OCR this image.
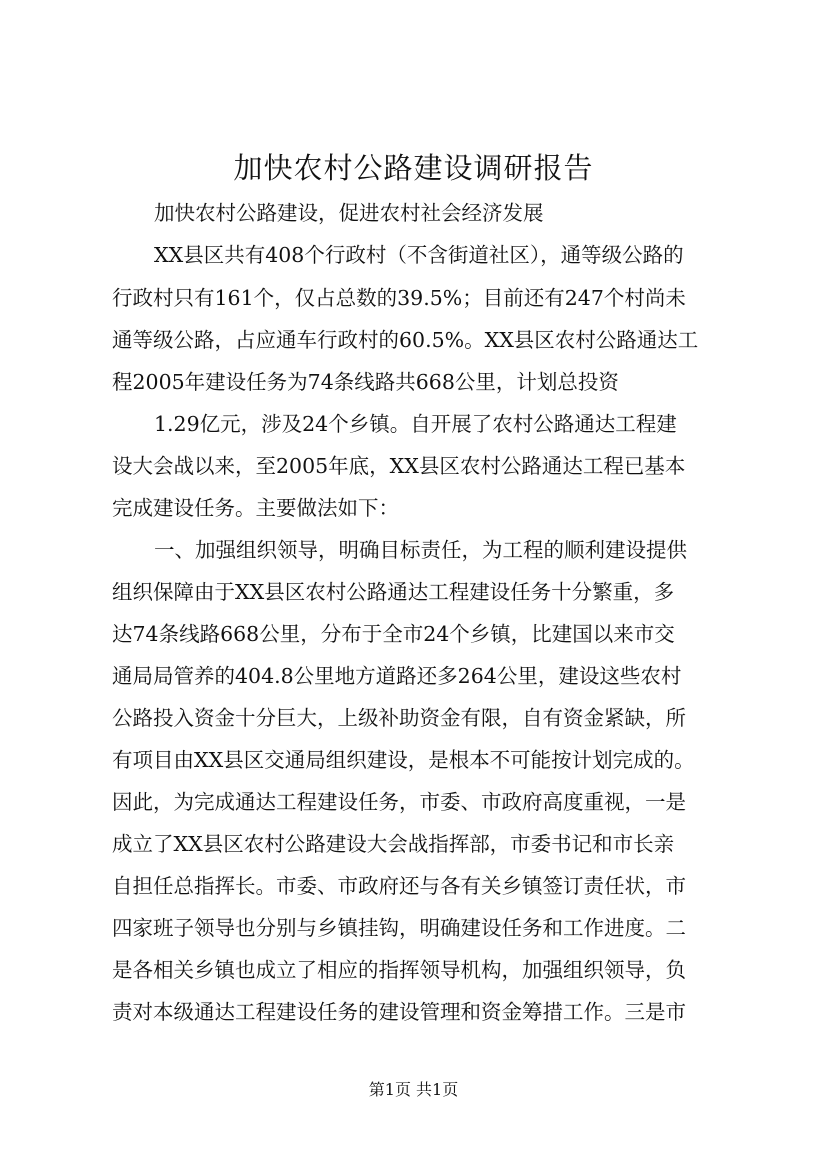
加快农村公路建设调研报告

加快农村公路建设，促进农村社会经济发展

XX县区共有408个行政村（不含街道社区），通等级公路的

行政村只有161个，仅占总数的39.5%；目前还有247个村尚未

通等级公路，占应通车行政村的60.5%。XX县区农村公路通达工

程2005年建设任务为74条线路共668公里，计划总投资

1.29亿元，涉及24个乡镇。自开展了农村公路通达工程建

设大会战以来，至2005年底，XX县区农村公路通达工程已基本

完成建设任务。主要做法如下：

一、加强组织领导，明确目标责任，为工程的顺利建设提供

组织保障由于XX县区农村公路通达工程建设任务十分繁重，多

达74条线路668公里，分布于全市24个乡镇，比建国以来市交

通局局管养的404.8公里地方道路还多264公里，建设这些农村

公路投入资金十分巨大，上级补助资金有限，自有资金紧缺，所

有项目由XX县区交通局组织建设，是根本不可能按计划完成的。

因此，为完成通达工程建设任务，市委、市政府高度重视，一是

成立了XX县区农村公路建设大会战指挥部，市委书记和市长亲

自担任总指挥长。市委、市政府还与各有关乡镇签订责任状，市

四家班子领导也分别与乡镇挂钩，明确建设任务和工作进度。二

是各相关乡镇也成立了相应的指挥领导机构，加强组织领导，负

责对本级通达工程建设任务的建设管理和资金筹措工作。三是市

第1页 共1页
